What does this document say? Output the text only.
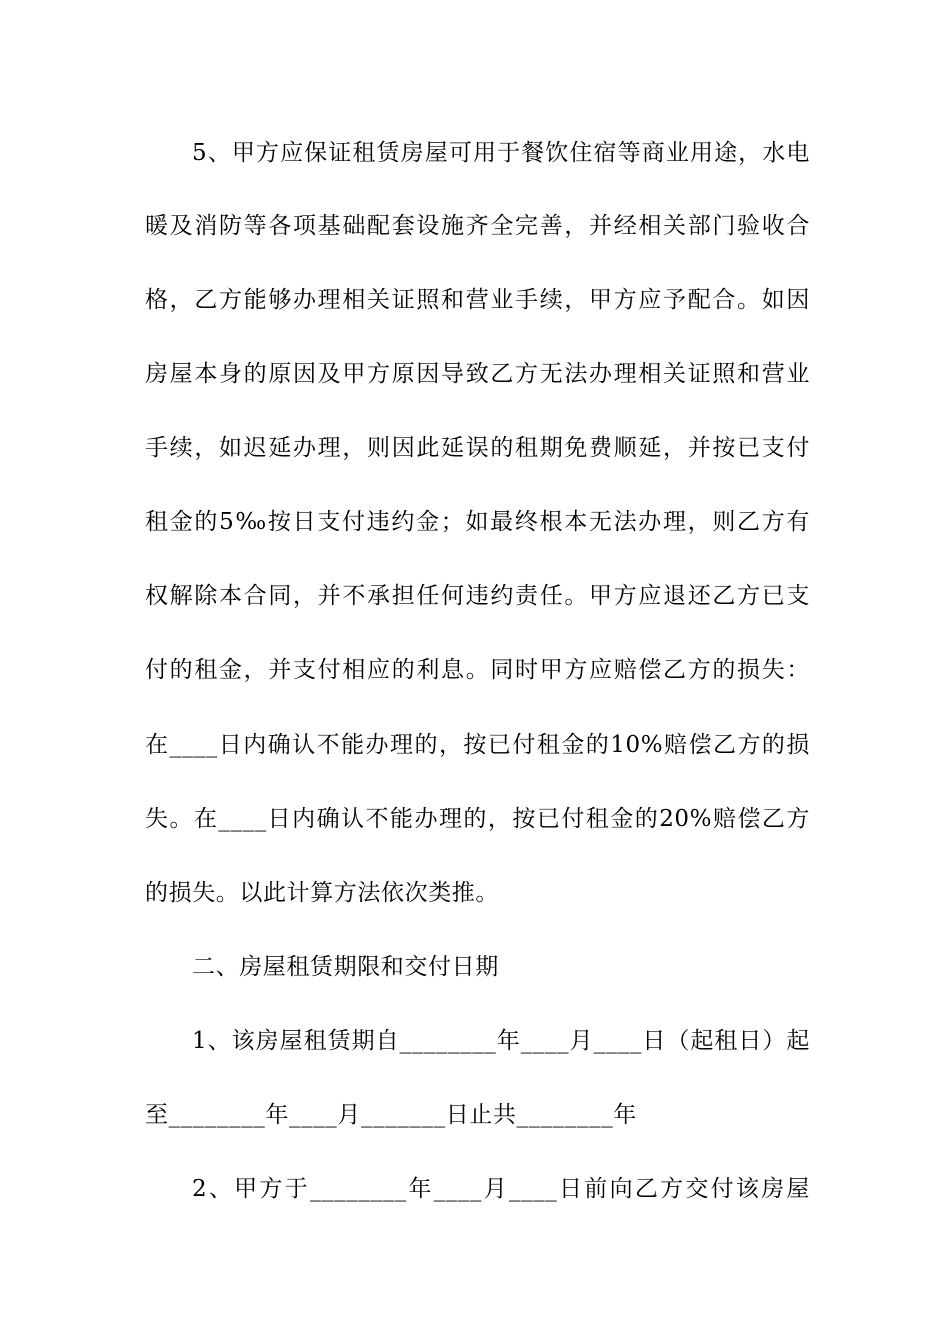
5、甲方应保证租赁房屋可用于餐饮住宿等商业用途，水电
暖及消防等各项基础配套设施齐全完善，并经相关部门验收合
格，乙方能够办理相关证照和营业手续，甲方应予配合。如因
房屋本身的原因及甲方原因导致乙方无法办理相关证照和营业
手续，如迟延办理，则因此延误的租期免费顺延，并按已支付
租金的5‰按日支付违约金；如最终根本无法办理，则乙方有
权解除本合同，并不承担任何违约责任。甲方应退还乙方已支
付的租金，并支付相应的利息。同时甲方应赔偿乙方的损失：
在____日内确认不能办理的，按已付租金的10%赔偿乙方的损
失。在____日内确认不能办理的，按已付租金的20%赔偿乙方
的损失。以此计算方法依次类推。
二、房屋租赁期限和交付日期
1、该房屋租赁期自________年____月____日（起租日）起
至________年____月_______日止共________年
2、甲方于________年____月____日前向乙方交付该房屋
